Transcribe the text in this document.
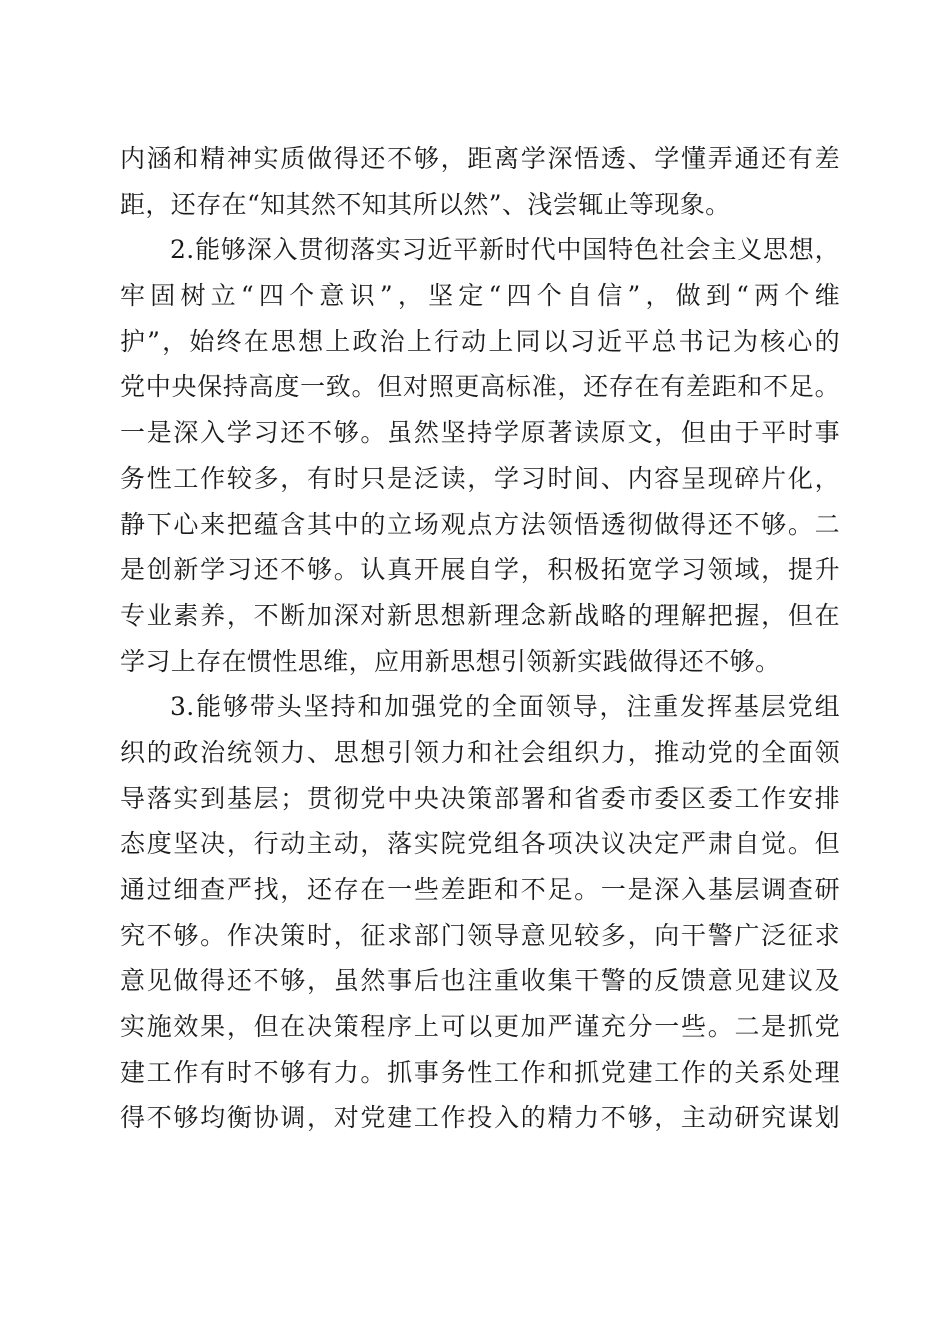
内涵和精神实质做得还不够，距离学深悟透、学懂弄通还有差
距，还存在“知其然不知其所以然”、浅尝辄止等现象。
2.能够深入贯彻落实习近平新时代中国特色社会主义思想，
牢固树立“四个意识”，坚定“四个自信”，做到“两个维
护”，始终在思想上政治上行动上同以习近平总书记为核心的
党中央保持高度一致。但对照更高标准，还存在有差距和不足。
一是深入学习还不够。虽然坚持学原著读原文，但由于平时事
务性工作较多，有时只是泛读，学习时间、内容呈现碎片化，
静下心来把蕴含其中的立场观点方法领悟透彻做得还不够。二
是创新学习还不够。认真开展自学，积极拓宽学习领域，提升
专业素养，不断加深对新思想新理念新战略的理解把握，但在
学习上存在惯性思维，应用新思想引领新实践做得还不够。
3.能够带头坚持和加强党的全面领导，注重发挥基层党组
织的政治统领力、思想引领力和社会组织力，推动党的全面领
导落实到基层；贯彻党中央决策部署和省委市委区委工作安排
态度坚决，行动主动，落实院党组各项决议决定严肃自觉。但
通过细查严找，还存在一些差距和不足。一是深入基层调查研
究不够。作决策时，征求部门领导意见较多，向干警广泛征求
意见做得还不够，虽然事后也注重收集干警的反馈意见建议及
实施效果，但在决策程序上可以更加严谨充分一些。二是抓党
建工作有时不够有力。抓事务性工作和抓党建工作的关系处理
得不够均衡协调，对党建工作投入的精力不够，主动研究谋划
